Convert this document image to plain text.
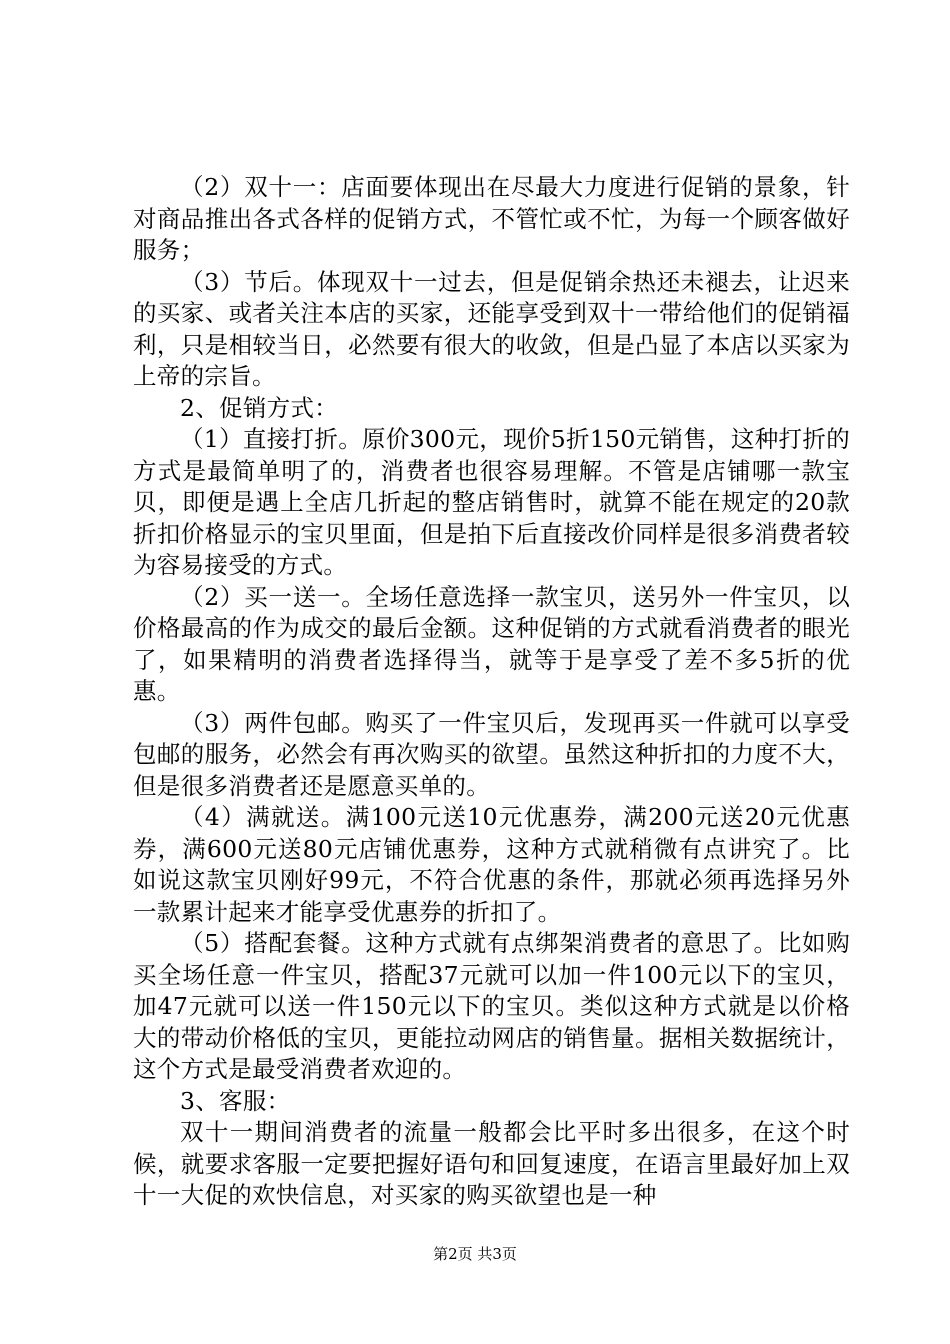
（2）双十一：店面要体现出在尽最大力度进行促销的景象，针对商品推出各式各样的促销方式，不管忙或不忙，为每一个顾客做好服务；

（3）节后。体现双十一过去，但是促销余热还未褪去，让迟来的买家、或者关注本店的买家，还能享受到双十一带给他们的促销福利，只是相较当日，必然要有很大的收敛，但是凸显了本店以买家为上帝的宗旨。

2、促销方式：

（1）直接打折。原价300元，现价5折150元销售，这种打折的方式是最简单明了的，消费者也很容易理解。不管是店铺哪一款宝贝，即便是遇上全店几折起的整店销售时，就算不能在规定的20款折扣价格显示的宝贝里面，但是拍下后直接改价同样是很多消费者较为容易接受的方式。

（2）买一送一。全场任意选择一款宝贝，送另外一件宝贝，以价格最高的作为成交的最后金额。这种促销的方式就看消费者的眼光了，如果精明的消费者选择得当，就等于是享受了差不多5折的优惠。

（3）两件包邮。购买了一件宝贝后，发现再买一件就可以享受包邮的服务，必然会有再次购买的欲望。虽然这种折扣的力度不大，但是很多消费者还是愿意买单的。

（4）满就送。满100元送10元优惠券，满200元送20元优惠券，满600元送80元店铺优惠券，这种方式就稍微有点讲究了。比如说这款宝贝刚好99元，不符合优惠的条件，那就必须再选择另外一款累计起来才能享受优惠券的折扣了。

（5）搭配套餐。这种方式就有点绑架消费者的意思了。比如购买全场任意一件宝贝，搭配37元就可以加一件100元以下的宝贝，加47元就可以送一件150元以下的宝贝。类似这种方式就是以价格大的带动价格低的宝贝，更能拉动网店的销售量。据相关数据统计，这个方式是最受消费者欢迎的。

3、客服：

双十一期间消费者的流量一般都会比平时多出很多，在这个时候，就要求客服一定要把握好语句和回复速度，在语言里最好加上双十一大促的欢快信息，对买家的购买欲望也是一种

第2页 共3页
